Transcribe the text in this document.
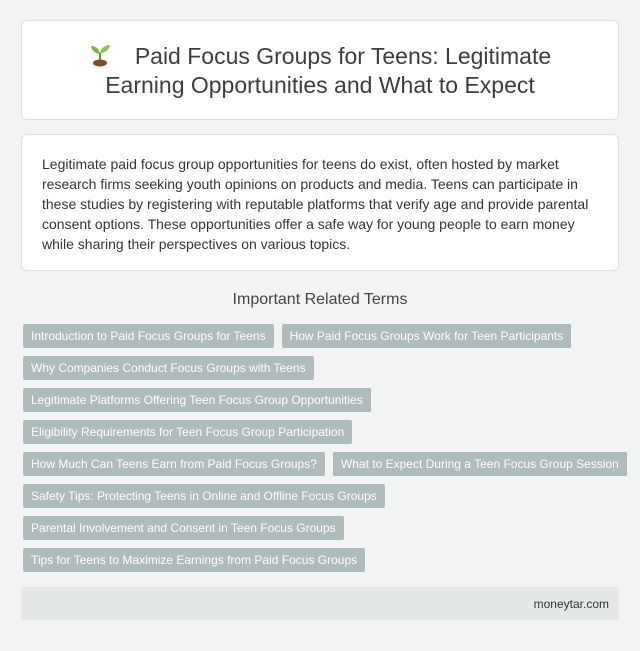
Paid Focus Groups for Teens: Legitimate Earning Opportunities and What to Expect

Legitimate paid focus group opportunities for teens do exist, often hosted by market research firms seeking youth opinions on products and media. Teens can participate in these studies by registering with reputable platforms that verify age and provide parental consent options. These opportunities offer a safe way for young people to earn money while sharing their perspectives on various topics.

Important Related Terms
Introduction to Paid Focus Groups for Teens	How Paid Focus Groups Work for Teen Participants
Why Companies Conduct Focus Groups with Teens
Legitimate Platforms Offering Teen Focus Group Opportunities
Eligibility Requirements for Teen Focus Group Participation
How Much Can Teens Earn from Paid Focus Groups?	What to Expect During a Teen Focus Group Session
Safety Tips: Protecting Teens in Online and Offline Focus Groups
Parental Involvement and Consent in Teen Focus Groups
Tips for Teens to Maximize Earnings from Paid Focus Groups
moneytar.com
